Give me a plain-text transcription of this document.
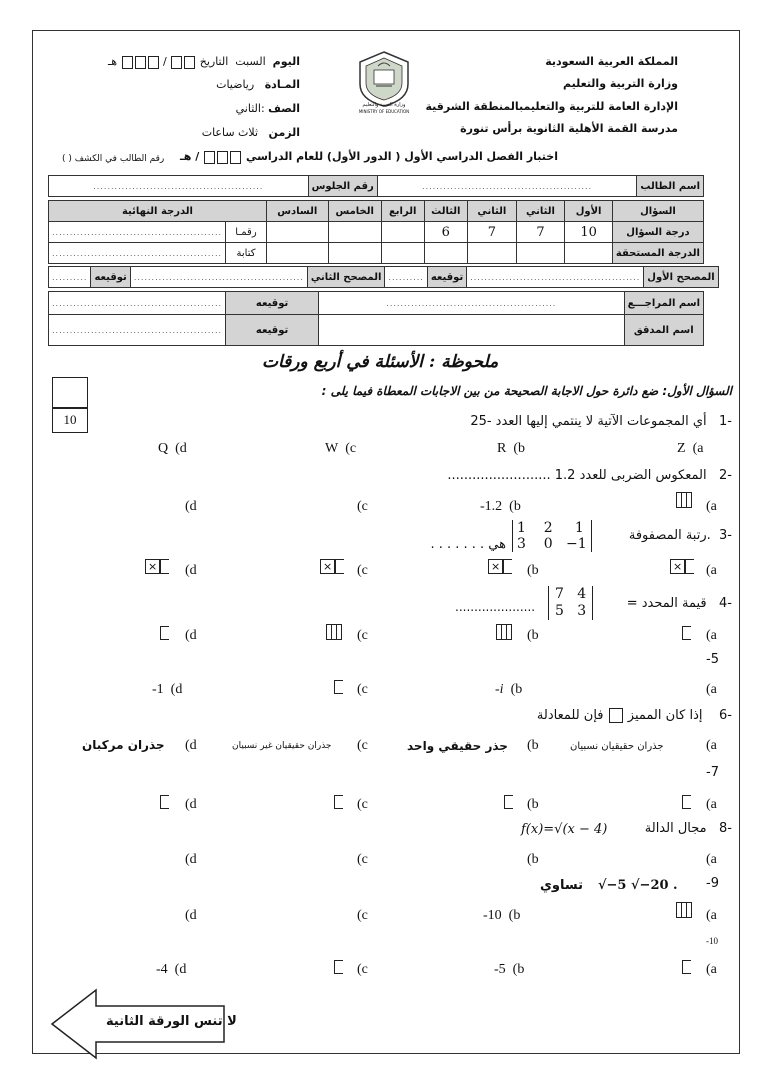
المملكة العربية السعودية
وزارة التربية والتعليم
الإدارة العامة للتربية والتعليمبالمنطقة الشرقية
مدرسة القمة الأهلية الثانوية برأس تنورة
وزارة التربية والتعليم
MINISTRY OF EDUCATION
اليوم  السبت  التاريخ  /  هـ
المـادة   رياضيات
الصف :الثاني
الزمن   ثلاث ساعات
اختبار الفصل الدراسي الأول ( الدور الأول) للعام الدراسي  / هـ
رقم الطالب في الكشف ( )
اسم الطالب	................................................	رقم الجلوس	................................................
السؤال	الأول	الثاني	الثاني	الثالث	الرابع	الخامس	السادس	الدرجة النهائية	
درجة السؤال	10	7	7	6				رقمـا	................................................
الدرجة المستحقة								كتابة	................................................
المصحح الأول	................................................	توقيعه	..........	المصحح الثاني	................................................	توقيعه	..........
اسم المراجـــع	................................................	توقيعه	................................................
اسم المدقق		توقيعه	................................................
ملحوظة : الأسئلة في أربع ورقات
السؤال الأول: ضع دائرة حول الاجابة الصحيحة من بين الاجابات المعطاة فيما يلى :
10	-1   أي المجموعات الآتية لا ينتمي إليها العدد -25
Q (d	W (c	R (b	Z (a
-2   المعكوس الضربى للعدد 1.2 .........................
(d	(c	-1.2 (b	(a
-3  .رتبة المصفوفة
1 2 1
3 0 −1
هي . . . . . . .
×	(d	×	(c	×	(b	×	(a
-4   قيمة المحدد =
7 4
5 3
.....................
(d	(c	(b	(a
-5
-1 (d	(c	-i (b	(a
-6    إذا كان المميز  فإن للمعادلة
جذران مركبان (d	جذران حقيقيان غير نسبيان (c	جذر حقيقي واحد (b	جذران حقيقيان نسبيان	(a
-7
(d	(c	(b	(a
-8   مجال الدالة
f(x)=√(x − 4)
(d	(c	(b	(a
-9
√−5 √−20 .
تساوي
(d	(c	-10 (b	(a
-10
-4 (d	(c	-5 (b	(a
لا تنس الورقة الثانية
